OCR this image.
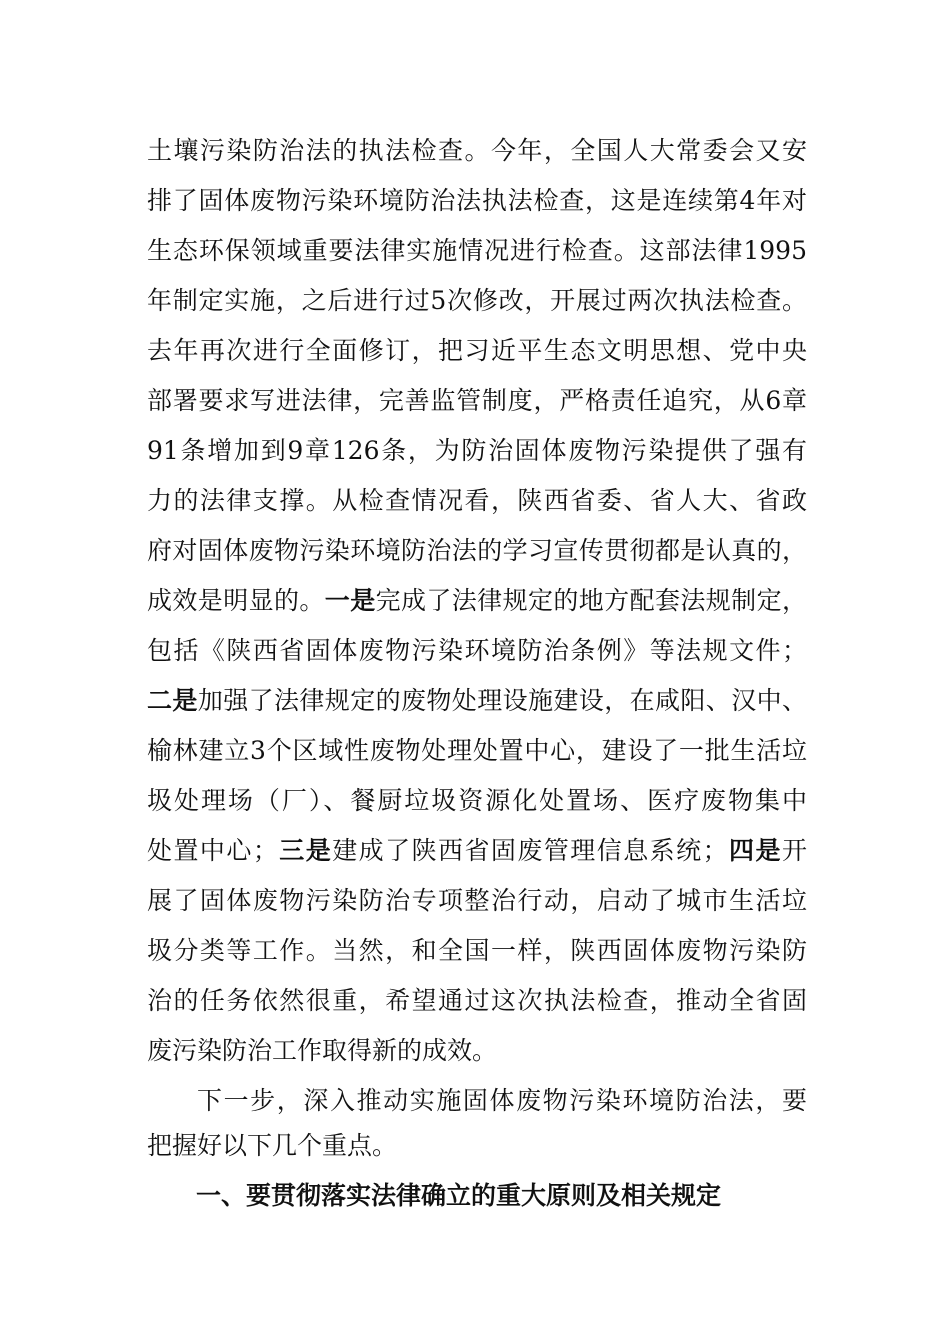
土壤污染防治法的执法检查。今年，全国人大常委会又安
排了固体废物污染环境防治法执法检查，这是连续第4年对
生态环保领域重要法律实施情况进行检查。这部法律1995
年制定实施，之后进行过5次修改，开展过两次执法检查。
去年再次进行全面修订，把习近平生态文明思想、党中央
部署要求写进法律，完善监管制度，严格责任追究，从6章
91条增加到9章126条，为防治固体废物污染提供了强有
力的法律支撑。从检查情况看，陕西省委、省人大、省政
府对固体废物污染环境防治法的学习宣传贯彻都是认真的，
成效是明显的。一是完成了法律规定的地方配套法规制定，
包括《陕西省固体废物污染环境防治条例》等法规文件；
二是加强了法律规定的废物处理设施建设，在咸阳、汉中、
榆林建立3个区域性废物处理处置中心，建设了一批生活垃
圾处理场（厂）、餐厨垃圾资源化处置场、医疗废物集中
处置中心；三是建成了陕西省固废管理信息系统；四是开
展了固体废物污染防治专项整治行动，启动了城市生活垃
圾分类等工作。当然，和全国一样，陕西固体废物污染防
治的任务依然很重，希望通过这次执法检查，推动全省固
废污染防治工作取得新的成效。
下一步，深入推动实施固体废物污染环境防治法，要
把握好以下几个重点。
一、要贯彻落实法律确立的重大原则及相关规定
